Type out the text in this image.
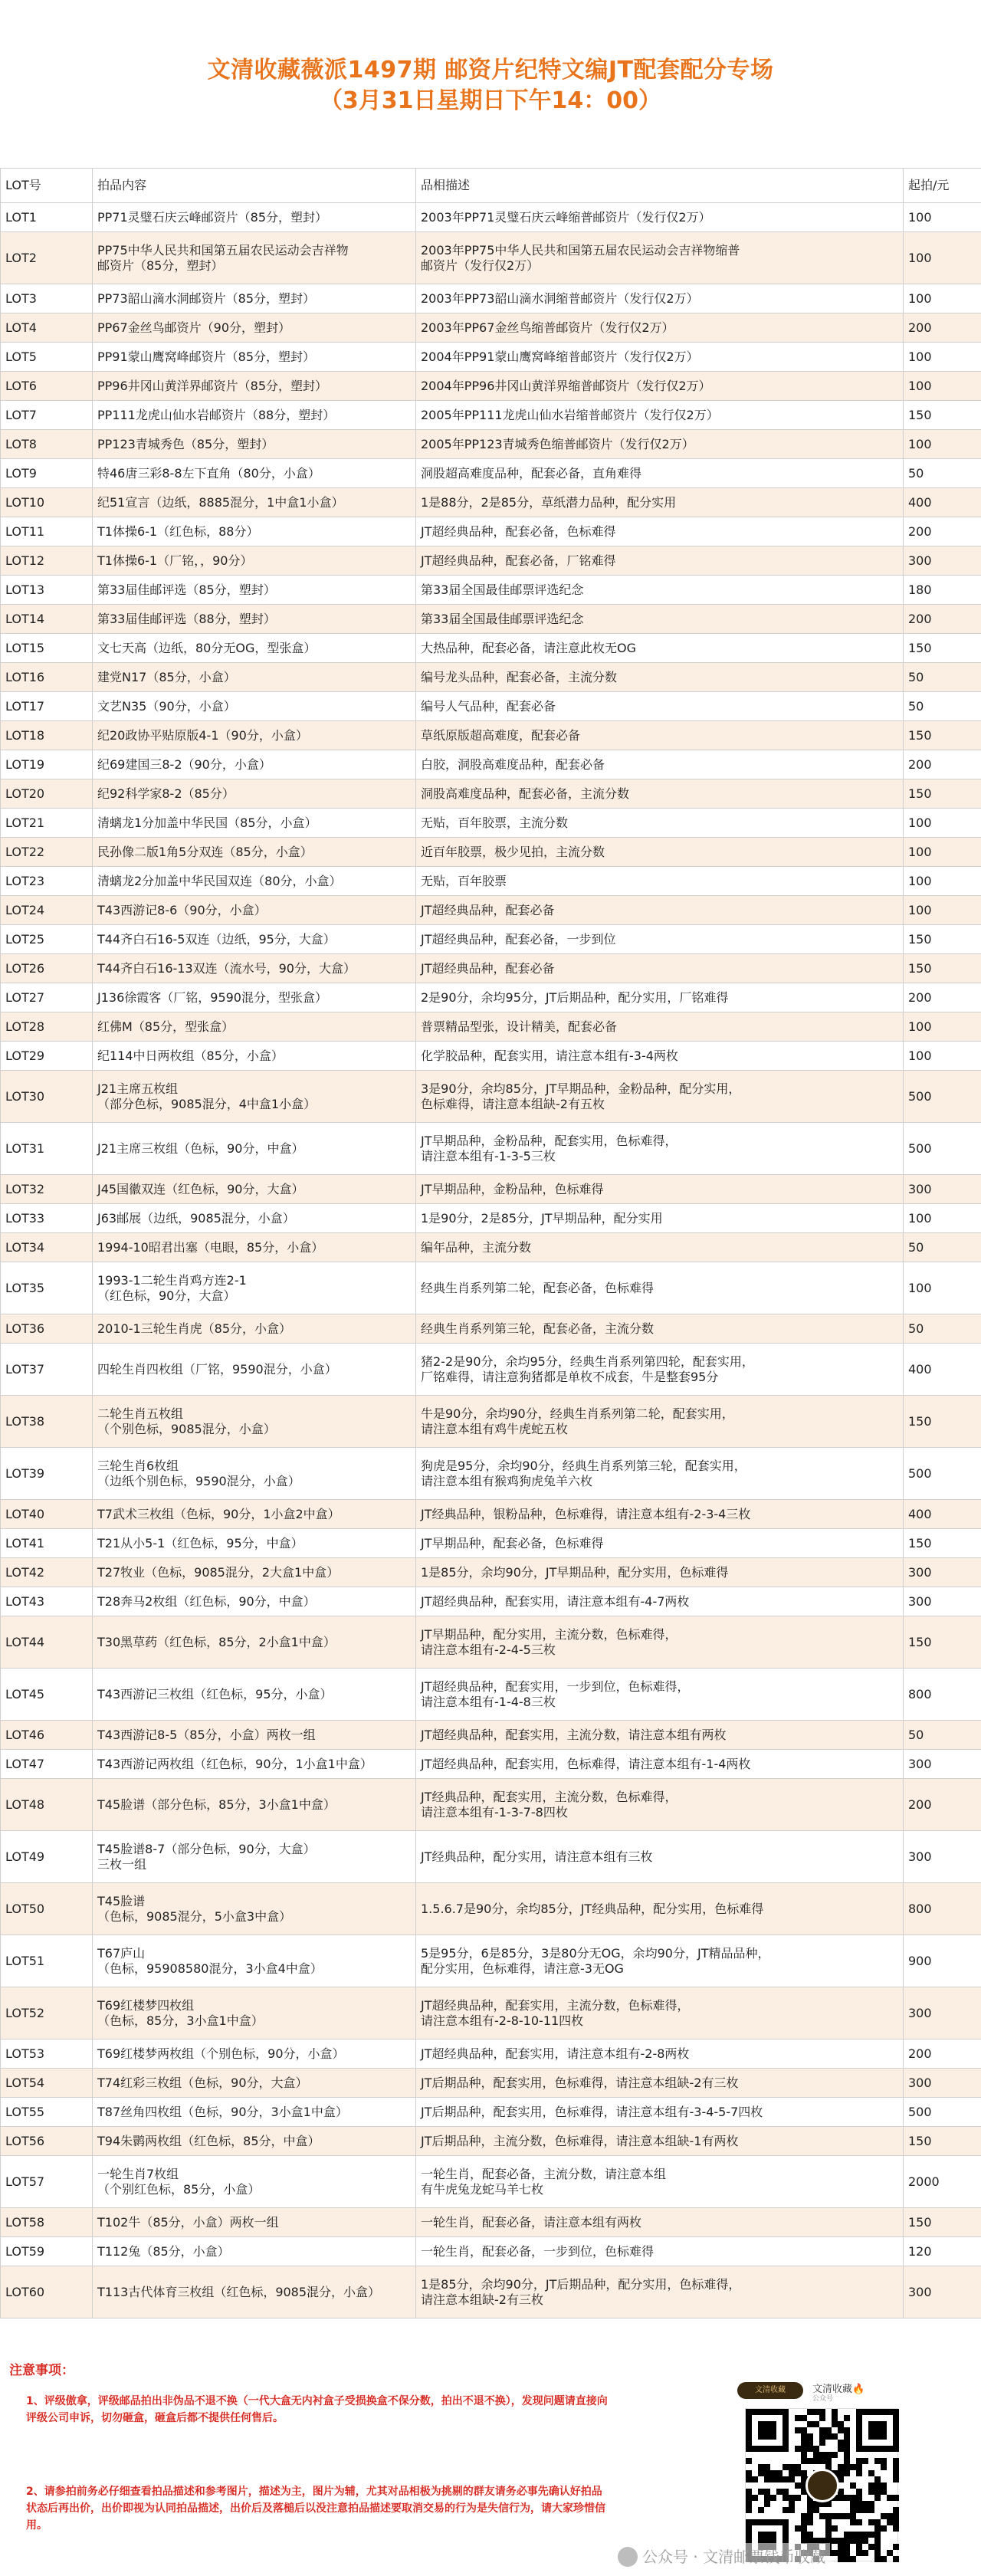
文清收藏薇派1497期 邮资片纪特文编JT配套配分专场
（3月31日星期日下午14：00）
LOT号	拍品内容	品相描述	起拍/元
LOT1	PP71灵璧石庆云峰邮资片（85分，塑封）	2003年PP71灵璧石庆云峰缩普邮资片（发行仅2万）	100
LOT2	PP75中华人民共和国第五届农民运动会吉祥物
邮资片（85分，塑封）	2003年PP75中华人民共和国第五届农民运动会吉祥物缩普
邮资片（发行仅2万）	100
LOT3	PP73韶山滴水洞邮资片（85分，塑封）	2003年PP73韶山滴水洞缩普邮资片（发行仅2万）	100
LOT4	PP67金丝鸟邮资片（90分，塑封）	2003年PP67金丝鸟缩普邮资片（发行仅2万）	200
LOT5	PP91蒙山鹰窝峰邮资片（85分，塑封）	2004年PP91蒙山鹰窝峰缩普邮资片（发行仅2万）	100
LOT6	PP96井冈山黄洋界邮资片（85分，塑封）	2004年PP96井冈山黄洋界缩普邮资片（发行仅2万）	100
LOT7	PP111龙虎山仙水岩邮资片（88分，塑封）	2005年PP111龙虎山仙水岩缩普邮资片（发行仅2万）	150
LOT8	PP123青城秀色（85分，塑封）	2005年PP123青城秀色缩普邮资片（发行仅2万）	100
LOT9	特46唐三彩8-8左下直角（80分，小盒）	洞股超高难度品种，配套必备，直角难得	50
LOT10	纪51宣言（边纸，8885混分，1中盒1小盒）	1是88分，2是85分，草纸潜力品种，配分实用	400
LOT11	T1体操6-1（红色标，88分）	JT超经典品种，配套必备，色标难得	200
LOT12	T1体操6-1（厂铭，，90分）	JT超经典品种，配套必备，厂铭难得	300
LOT13	第33届佳邮评选（85分，塑封）	第33届全国最佳邮票评选纪念	180
LOT14	第33届佳邮评选（88分，塑封）	第33届全国最佳邮票评选纪念	200
LOT15	文七天高（边纸，80分无OG，型张盒）	大热品种，配套必备，请注意此枚无OG	150
LOT16	建党N17（85分，小盒）	编号龙头品种，配套必备，主流分数	50
LOT17	文艺N35（90分，小盒）	编号人气品种，配套必备	50
LOT18	纪20政协平贴原版4-1（90分，小盒）	草纸原版超高难度，配套必备	150
LOT19	纪69建国三8-2（90分，小盒）	白胶，洞股高难度品种，配套必备	200
LOT20	纪92科学家8-2（85分）	洞股高难度品种，配套必备，主流分数	150
LOT21	清螭龙1分加盖中华民国（85分，小盒）	无贴，百年胶票，主流分数	100
LOT22	民孙像二版1角5分双连（85分，小盒）	近百年胶票，极少见拍，主流分数	100
LOT23	清螭龙2分加盖中华民国双连（80分，小盒）	无贴，百年胶票	100
LOT24	T43西游记8-6（90分，小盒）	JT超经典品种，配套必备	100
LOT25	T44齐白石16-5双连（边纸，95分，大盒）	JT超经典品种，配套必备，一步到位	150
LOT26	T44齐白石16-13双连（流水号，90分，大盒）	JT超经典品种，配套必备	150
LOT27	J136徐霞客（厂铭，9590混分，型张盒）	2是90分，余均95分，JT后期品种，配分实用，厂铭难得	200
LOT28	红佛M（85分，型张盒）	普票精品型张，设计精美，配套必备	100
LOT29	纪114中日两枚组（85分，小盒）	化学胶品种，配套实用，请注意本组有-3-4两枚	100
LOT30	J21主席五枚组
（部分色标，9085混分，4中盒1小盒）	3是90分，余均85分，JT早期品种，金粉品种，配分实用，
色标难得，请注意本组缺-2有五枚	500
LOT31	J21主席三枚组（色标，90分，中盒）	JT早期品种，金粉品种，配套实用，色标难得，
请注意本组有-1-3-5三枚	500
LOT32	J45国徽双连（红色标，90分，大盒）	JT早期品种，金粉品种，色标难得	300
LOT33	J63邮展（边纸，9085混分，小盒）	1是90分，2是85分，JT早期品种，配分实用	100
LOT34	1994-10昭君出塞（电眼，85分，小盒）	编年品种，主流分数	50
LOT35	1993-1二轮生肖鸡方连2-1
（红色标，90分，大盒）	经典生肖系列第二轮，配套必备，色标难得	100
LOT36	2010-1三轮生肖虎（85分，小盒）	经典生肖系列第三轮，配套必备，主流分数	50
LOT37	四轮生肖四枚组（厂铭，9590混分，小盒）	猪2-2是90分，余均95分，经典生肖系列第四轮，配套实用，
厂铭难得，请注意狗猪都是单枚不成套，牛是整套95分	400
LOT38	二轮生肖五枚组
（个别色标，9085混分，小盒）	牛是90分，余均90分，经典生肖系列第二轮，配套实用，
请注意本组有鸡牛虎蛇五枚	150
LOT39	三轮生肖6枚组
（边纸个别色标，9590混分，小盒）	狗虎是95分，余均90分，经典生肖系列第三轮，配套实用，
请注意本组有猴鸡狗虎兔羊六枚	500
LOT40	T7武术三枚组（色标，90分，1小盒2中盒）	JT经典品种，银粉品种，色标难得，请注意本组有-2-3-4三枚	400
LOT41	T21从小5-1（红色标，95分，中盒）	JT早期品种，配套必备，色标难得	150
LOT42	T27牧业（色标，9085混分，2大盒1中盒）	1是85分，余均90分，JT早期品种，配分实用，色标难得	300
LOT43	T28奔马2枚组（红色标，90分，中盒）	JT超经典品种，配套实用，请注意本组有-4-7两枚	300
LOT44	T30黑草药（红色标，85分，2小盒1中盒）	JT早期品种，配分实用，主流分数，色标难得，
请注意本组有-2-4-5三枚	150
LOT45	T43西游记三枚组（红色标，95分，小盒）	JT超经典品种，配套实用，一步到位，色标难得，
请注意本组有-1-4-8三枚	800
LOT46	T43西游记8-5（85分，小盒）两枚一组	JT超经典品种，配套实用，主流分数，请注意本组有两枚	50
LOT47	T43西游记两枚组（红色标，90分，1小盒1中盒）	JT超经典品种，配套实用，色标难得，请注意本组有-1-4两枚	300
LOT48	T45脸谱（部分色标，85分，3小盒1中盒）	JT经典品种，配套实用，主流分数，色标难得，
请注意本组有-1-3-7-8四枚	200
LOT49	T45脸谱8-7（部分色标，90分，大盒）
三枚一组	JT经典品种，配分实用，请注意本组有三枚	300
LOT50	T45脸谱
（色标，9085混分，5小盒3中盒）	1.5.6.7是90分，余均85分，JT经典品种，配分实用，色标难得	800
LOT51	T67庐山
（色标，95908580混分，3小盒4中盒）	5是95分，6是85分，3是80分无OG，余均90分，JT精品品种，
配分实用，色标难得，请注意-3无OG	900
LOT52	T69红楼梦四枚组
（色标，85分，3小盒1中盒）	JT超经典品种，配套实用，主流分数，色标难得，
请注意本组有-2-8-10-11四枚	300
LOT53	T69红楼梦两枚组（个别色标，90分，小盒）	JT超经典品种，配套实用，请注意本组有-2-8两枚	200
LOT54	T74红彩三枚组（色标，90分，大盒）	JT后期品种，配套实用，色标难得，请注意本组缺-2有三枚	300
LOT55	T87丝角四枚组（色标，90分，3小盒1中盒）	JT后期品种，配套实用，色标难得，请注意本组有-3-4-5-7四枚	500
LOT56	T94朱鹮两枚组（红色标，85分，中盒）	JT后期品种，主流分数，色标难得，请注意本组缺-1有两枚	150
LOT57	一轮生肖7枚组
（个别红色标，85分，小盒）	一轮生肖，配套必备，主流分数，请注意本组
有牛虎兔龙蛇马羊七枚	2000
LOT58	T102牛（85分，小盒）两枚一组	一轮生肖，配套必备，请注意本组有两枚	150
LOT59	T112兔（85分，小盒）	一轮生肖，配套必备，一步到位，色标难得	120
LOT60	T113古代体育三枚组（红色标，9085混分，小盒）	1是85分，余均90分，JT后期品种，配分实用，色标难得，
请注意本组缺-2有三枚	300
注意事项：
1、评级傲拿，评级邮品拍出非伪品不退不换（一代大盒无内衬盒子受损换盒不保分数，拍出不退不换），发现问题请直接向评级公司申诉，切勿砸盒，砸盒后都不提供任何售后。
2、请参拍前务必仔细查看拍品描述和参考图片，描述为主，图片为辅，尤其对品相极为挑剔的群友请务必事先确认好拍品状态后再出价，出价即视为认同拍品描述，出价后及落槌后以没注意拍品描述要取消交易的行为是失信行为，请大家珍惜信用。
文清收藏	文清收藏🔥
公众号
公众号 · 文清邮票钱币收藏
